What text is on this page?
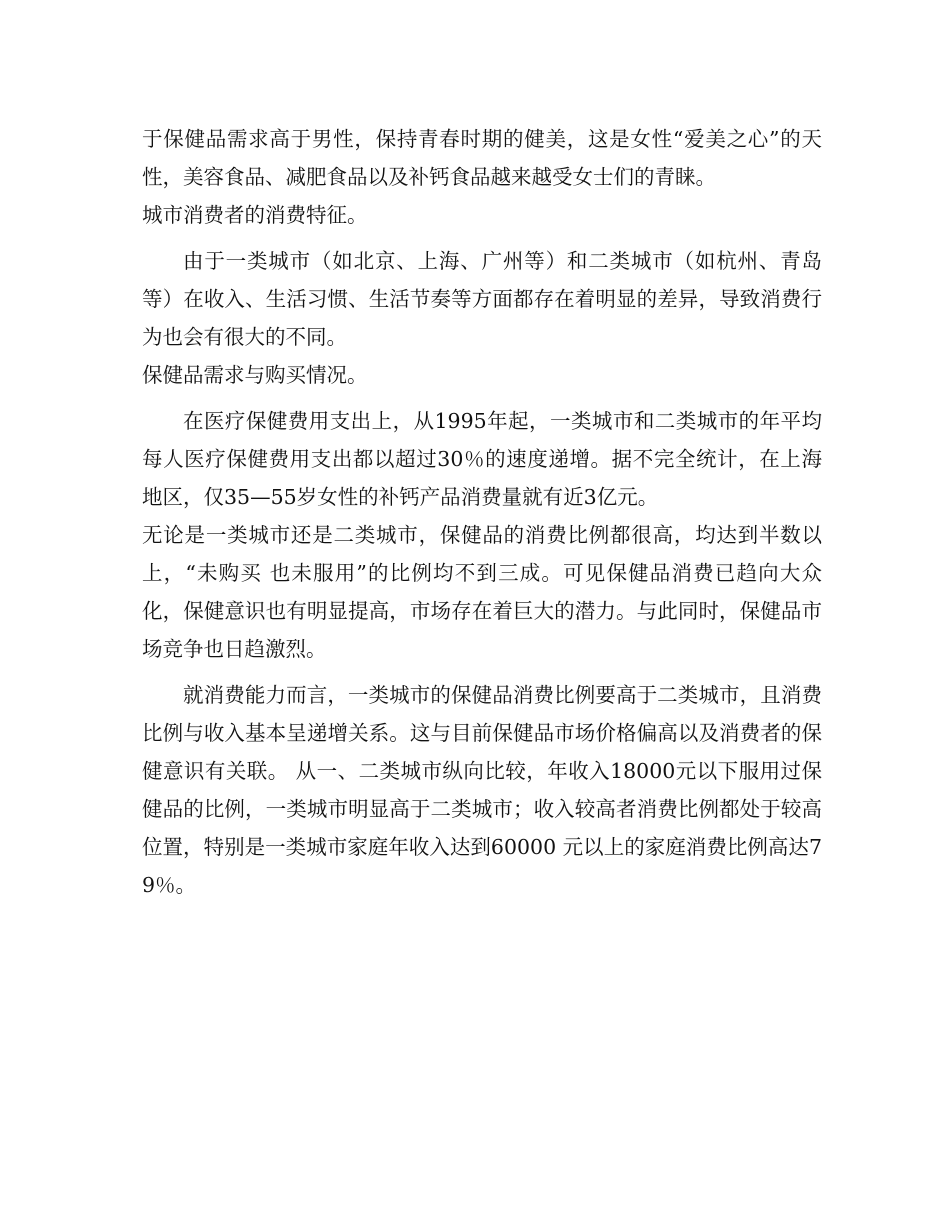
于保健品需求高于男性，保持青春时期的健美，这是女性“爱美之心”的天性，美容食品、减肥食品以及补钙食品越来越受女士们的青睐。

城市消费者的消费特征。

由于一类城市（如北京、上海、广州等）和二类城市（如杭州、青岛等）在收入、生活习惯、生活节奏等方面都存在着明显的差异，导致消费行为也会有很大的不同。

保健品需求与购买情况。

在医疗保健费用支出上，从1995年起，一类城市和二类城市的年平均每人医疗保健费用支出都以超过30％的速度递增。据不完全统计，在上海地区，仅35—55岁女性的补钙产品消费量就有近3亿元。

无论是一类城市还是二类城市，保健品的消费比例都很高，均达到半数以上，“未购买 也未服用”的比例均不到三成。可见保健品消费已趋向大众化，保健意识也有明显提高，市场存在着巨大的潜力。与此同时，保健品市场竞争也日趋激烈。

就消费能力而言，一类城市的保健品消费比例要高于二类城市，且消费比例与收入基本呈递增关系。这与目前保健品市场价格偏高以及消费者的保健意识有关联。 从一、二类城市纵向比较，年收入18000元以下服用过保健品的比例，一类城市明显高于二类城市；收入较高者消费比例都处于较高位置，特别是一类城市家庭年收入达到60000 元以上的家庭消费比例高达79％。
